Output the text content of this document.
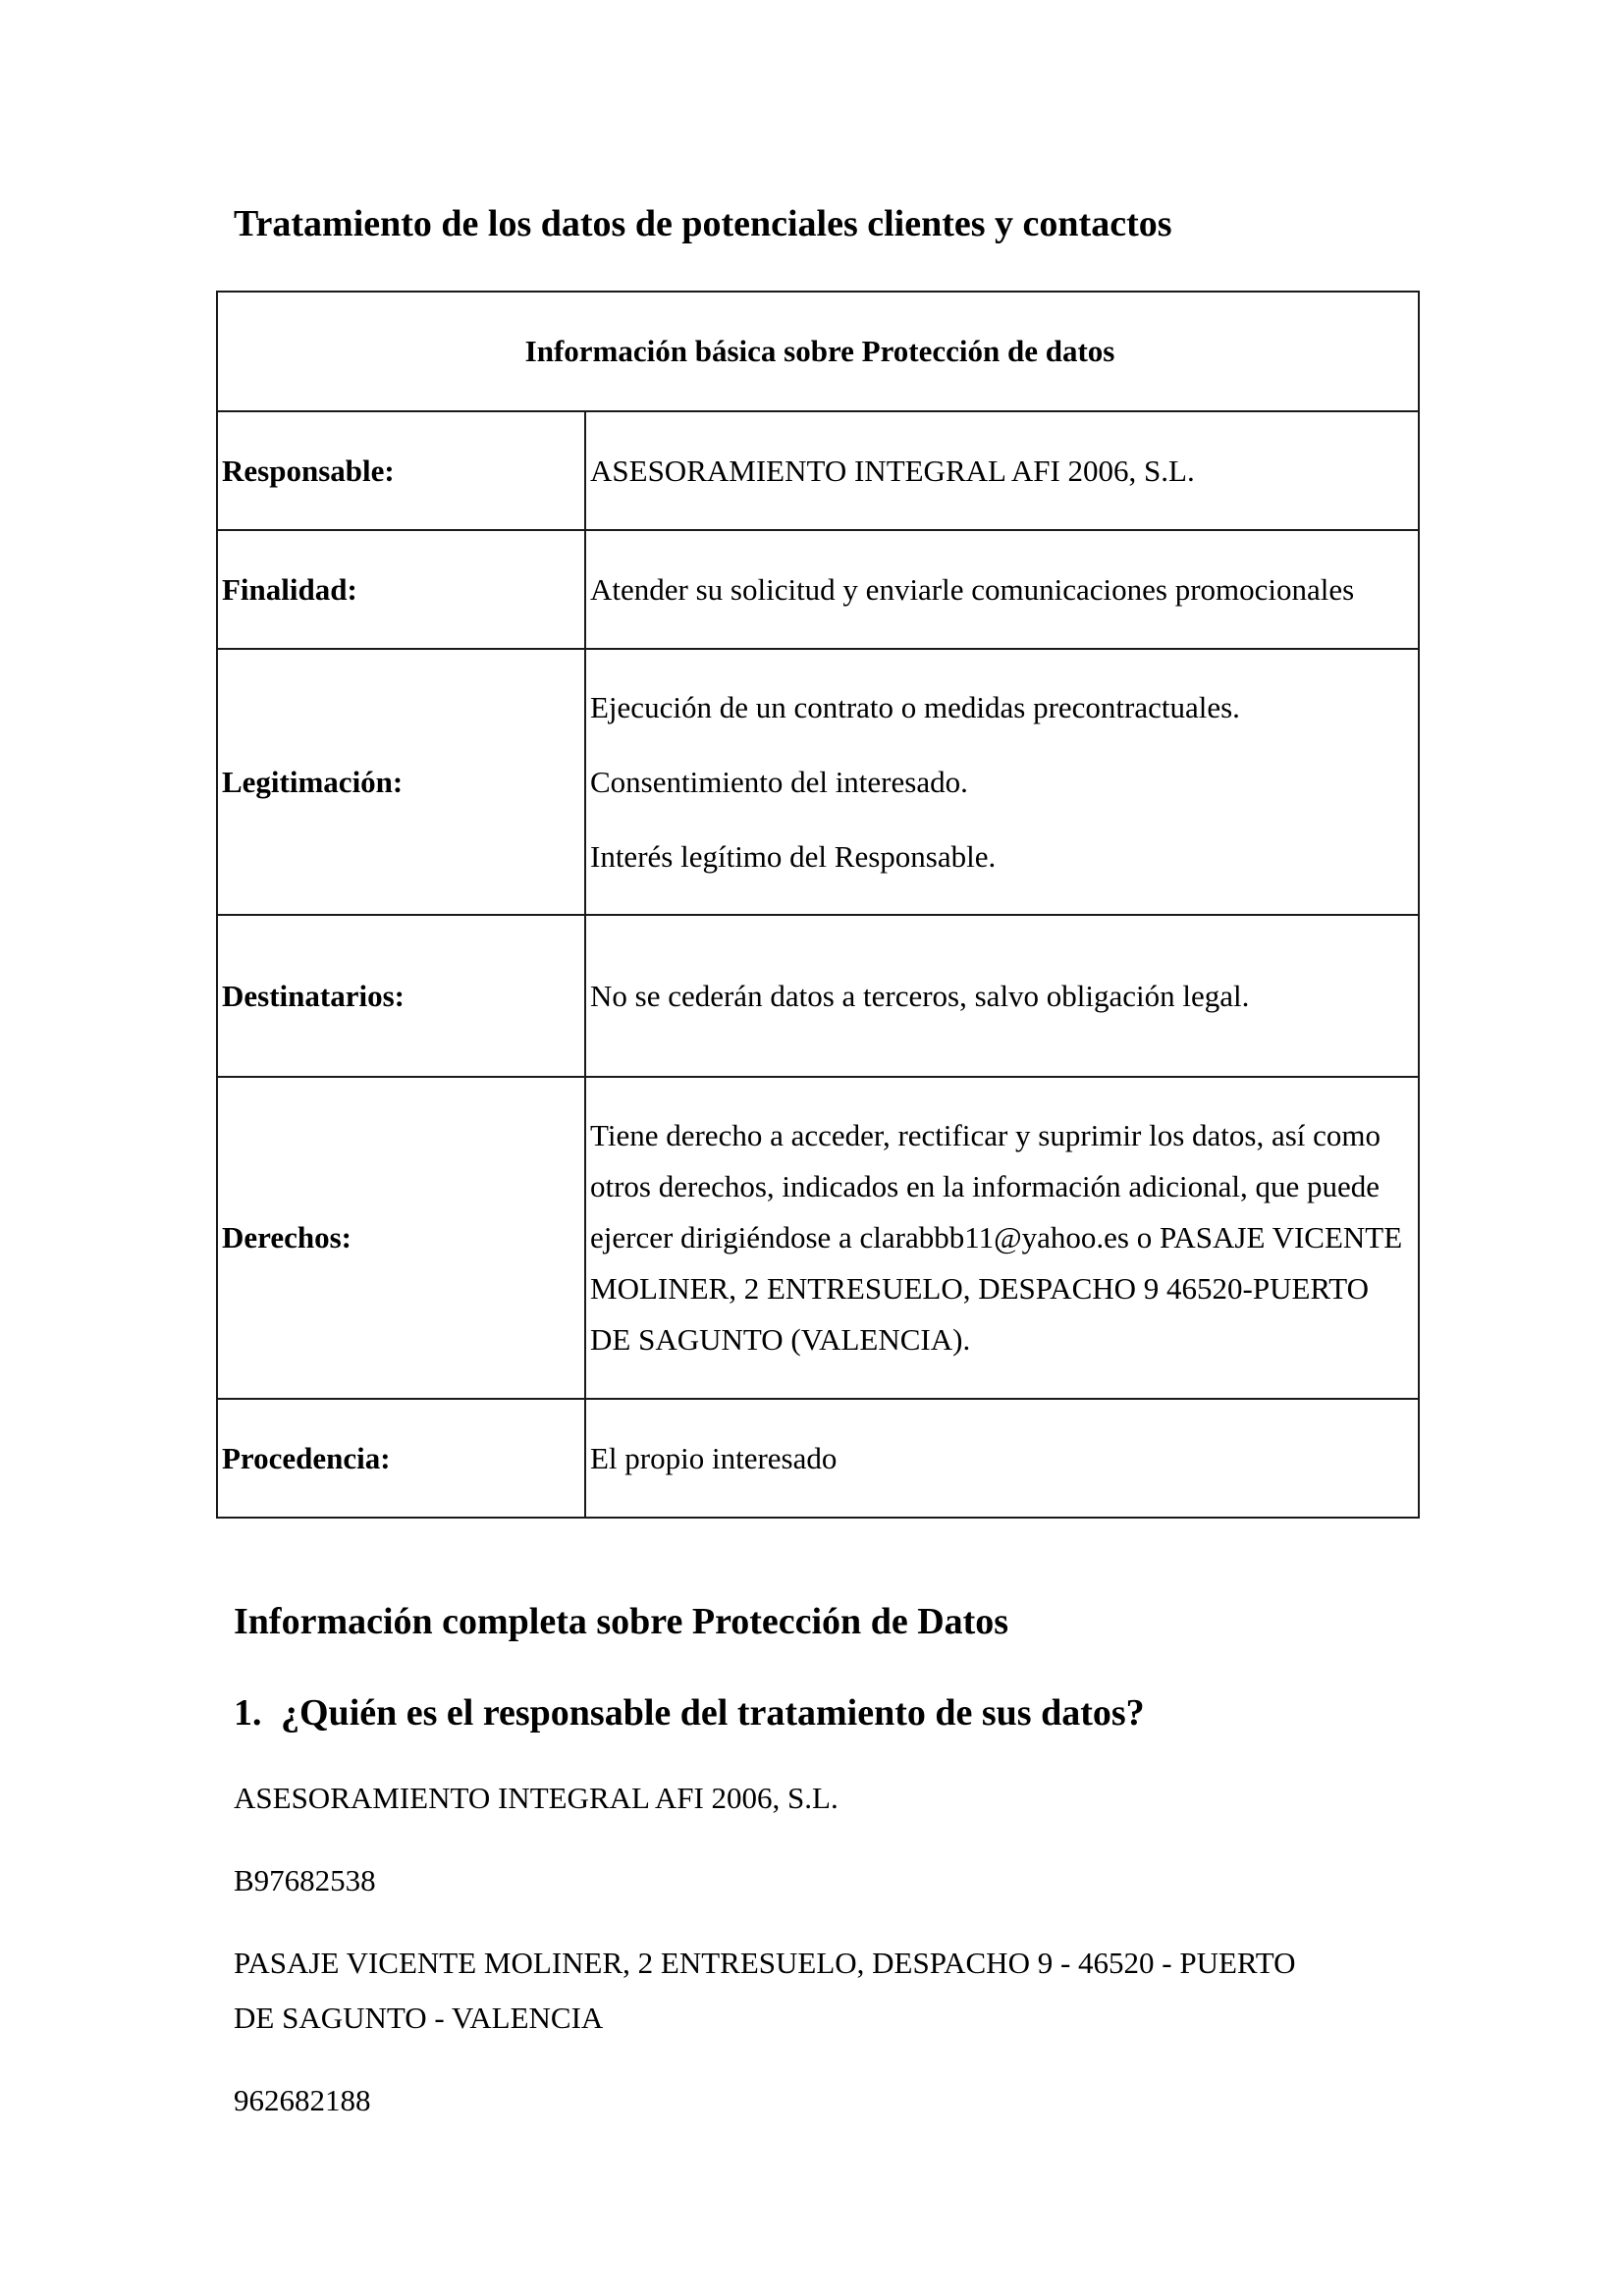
Tratamiento de los datos de potenciales clientes y contactos
Información básica sobre Protección de datos	
Responsable:	ASESORAMIENTO INTEGRAL AFI 2006, S.L.
Finalidad:	Atender su solicitud y enviarle comunicaciones promocionales
Legitimación:	Ejecución de un contrato o medidas precontractuales.

Consentimiento del interesado.

Interés legítimo del Responsable.

Destinatarios:	No se cederán datos a terceros, salvo obligación legal.
Derechos:	Tiene derecho a acceder, rectificar y suprimir los datos, así como
otros derechos, indicados en la información adicional, que puede
ejercer dirigiéndose a clarabbb11@yahoo.es o PASAJE VICENTE
MOLINER, 2 ENTRESUELO, DESPACHO 9 46520-PUERTO
DE SAGUNTO (VALENCIA).

Procedencia:	El propio interesado
Información completa sobre Protección de Datos
1. ¿Quién es el responsable del tratamiento de sus datos?

ASESORAMIENTO INTEGRAL AFI 2006, S.L.

B97682538

PASAJE VICENTE MOLINER, 2 ENTRESUELO, DESPACHO 9 - 46520 - PUERTO

DE SAGUNTO - VALENCIA

962682188
